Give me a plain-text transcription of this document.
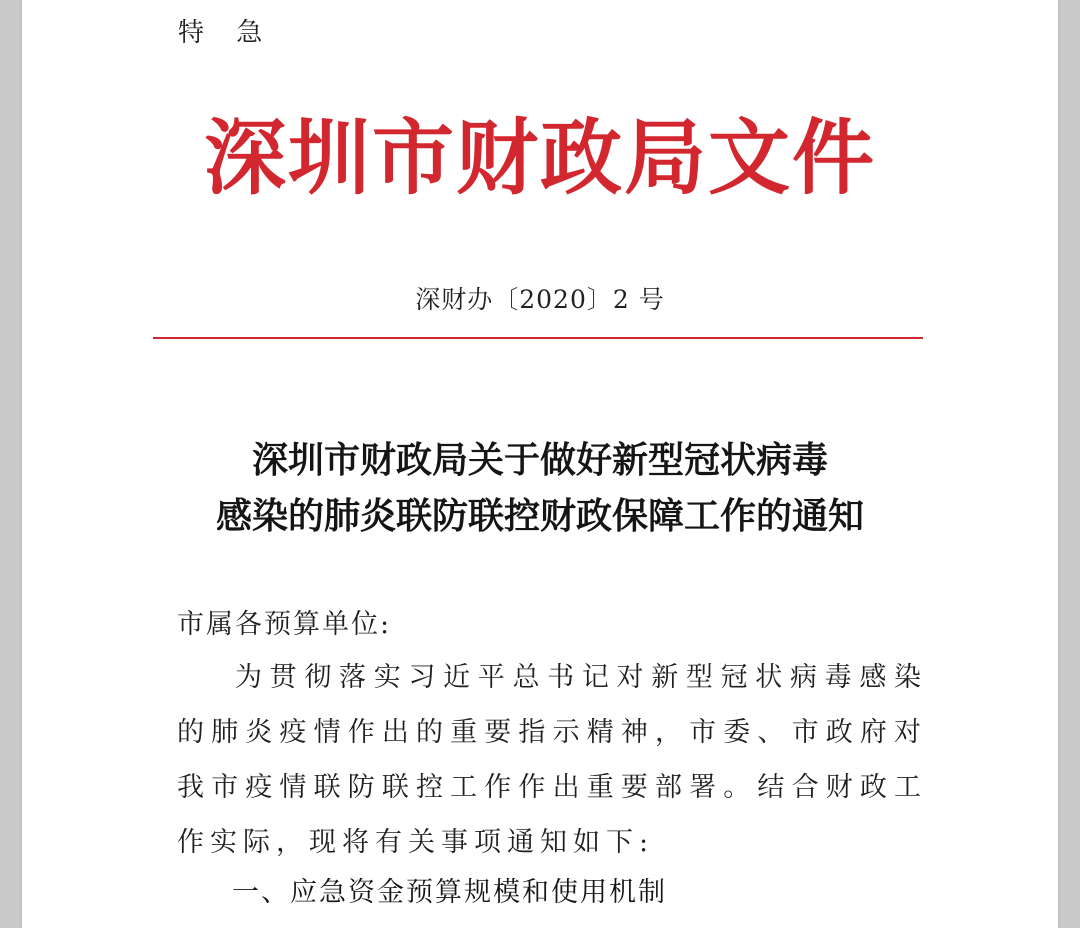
特 急
深圳市财政局文件
深财办〔2020〕2 号
深圳市财政局关于做好新型冠状病毒
感染的肺炎联防联控财政保障工作的通知
市属各预算单位:
为贯彻落实习近平总书记对新型冠状病毒感染的肺炎疫情作出的重要指示精神，市委、市政府对我市疫情联防联控工作作出重要部署。结合财政工作实际，现将有关事项通知如下:
一、应急资金预算规模和使用机制
